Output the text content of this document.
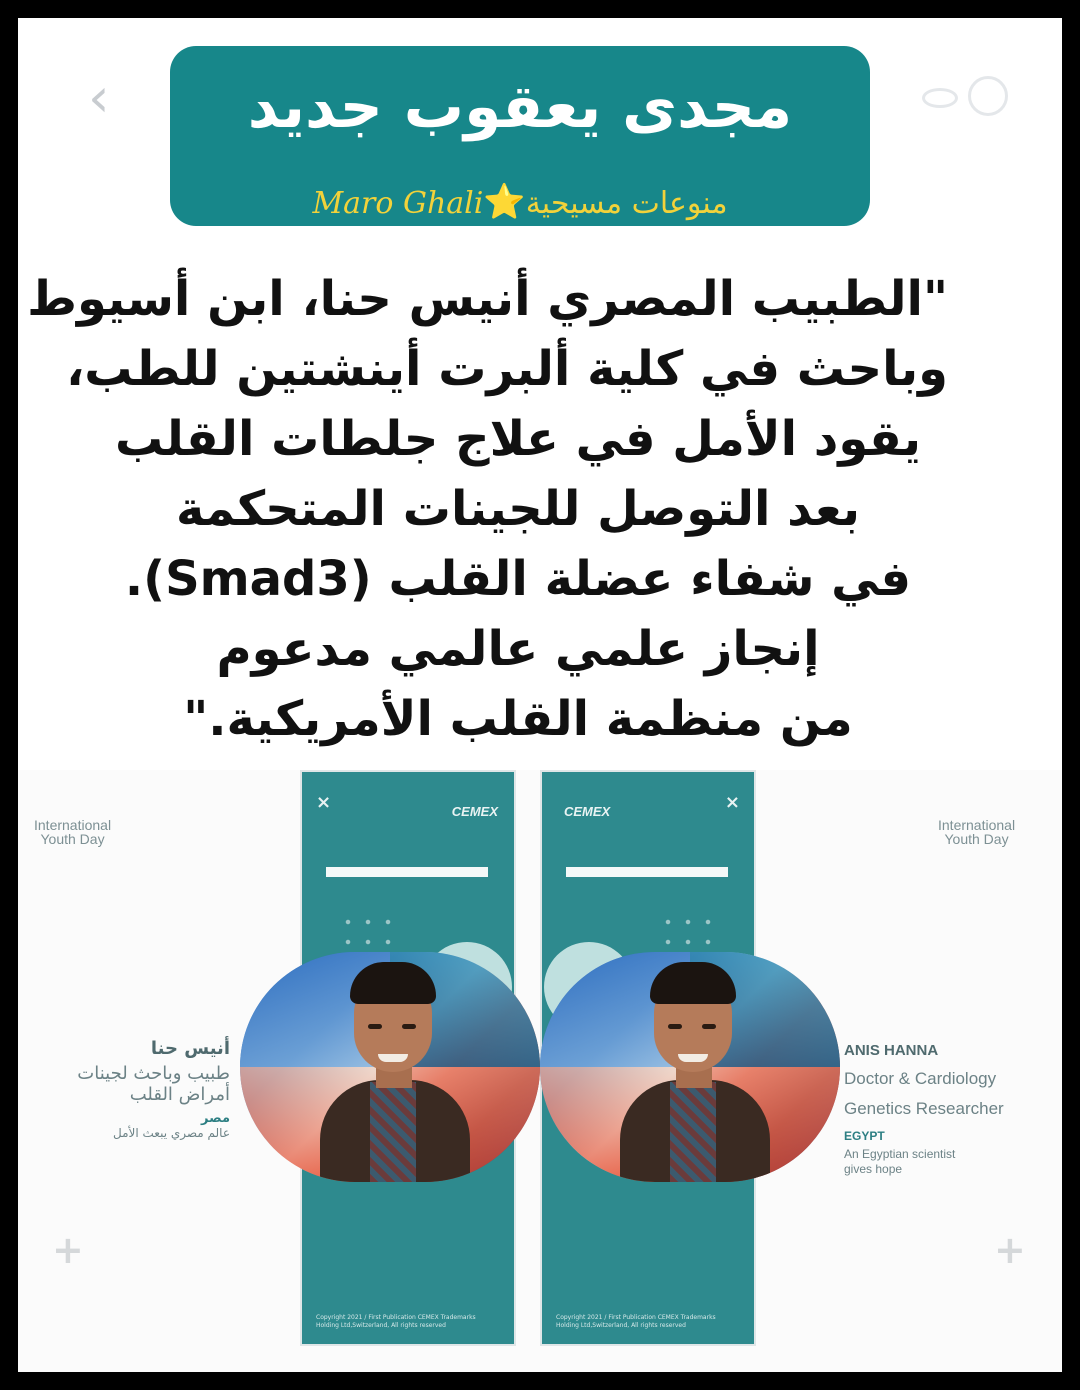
‹	مجدى يعقوب جديد
منوعات مسيحية⭐Maro Ghali
"الطبيب المصري أنيس حنا، ابن أسيوط
وباحث في كلية ألبرت أينشتين للطب،
يقود الأمل في علاج جلطات القلب
بعد التوصل للجينات المتحكمة
في شفاء عضلة القلب (Smad3).
إنجاز علمي عالمي مدعوم
من منظمة القلب الأمريكية."
International
Youth Day
International
Youth Day
×	CEMEX
Copyright 2021 / First Publication CEMEX Trademarks Holding Ltd,Switzerland, All rights reserved
×
CEMEX
Copyright 2021 / First Publication CEMEX Trademarks Holding Ltd,Switzerland, All rights reserved
ANIS HANNA
Doctor & Cardiology
Genetics Researcher
EGYPT
An Egyptian scientist
gives hope
أنيس حنا
طبيب وباحث لجينات
أمراض القلب
مصر
عالم مصري يبعث الأمل
+	+
